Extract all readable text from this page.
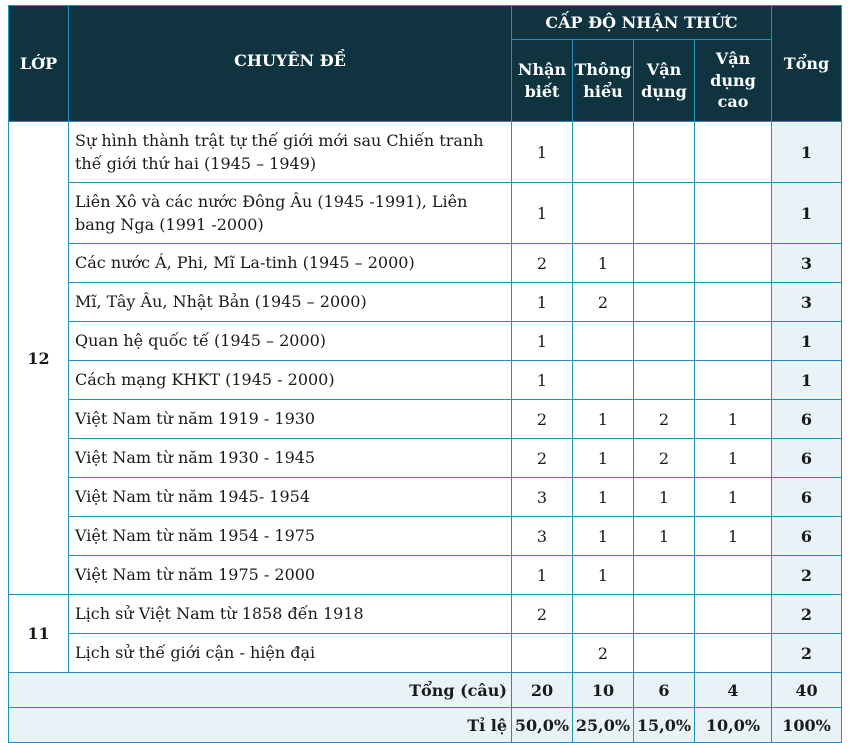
LỚP	CHUYÊN ĐỀ	CẤP ĐỘ NHẬN THỨC				Tổng
		Nhận biết	Thông hiểu	Vận dụng	Vận dụng cao	
12	Sự hình thành trật tự thế giới mới sau Chiến tranh thế giới thứ hai (1945 – 1949)	1				1
	Liên Xô và các nước Đông Âu (1945 -1991), Liên bang Nga (1991 -2000)	1				1
	Các nước Á, Phi, Mĩ La-tinh (1945 – 2000)	2	1			3
	Mĩ, Tây Âu, Nhật Bản (1945 – 2000)	1	2			3
	Quan hệ quốc tế (1945 – 2000)	1				1
	Cách mạng KHKT (1945 - 2000)	1				1
	Việt Nam từ năm 1919 - 1930	2	1	2	1	6
	Việt Nam từ năm 1930 - 1945	2	1	2	1	6
	Việt Nam từ năm 1945- 1954	3	1	1	1	6
	Việt Nam từ năm 1954 - 1975	3	1	1	1	6
	Việt Nam từ năm 1975 - 2000	1	1			2
11	Lịch sử Việt Nam từ 1858 đến 1918	2				2
	Lịch sử thế giới cận - hiện đại		2			2
Tổng (câu)		20	10	6	4	40
Tỉ lệ		50,0%	25,0%	15,0%	10,0%	100%
